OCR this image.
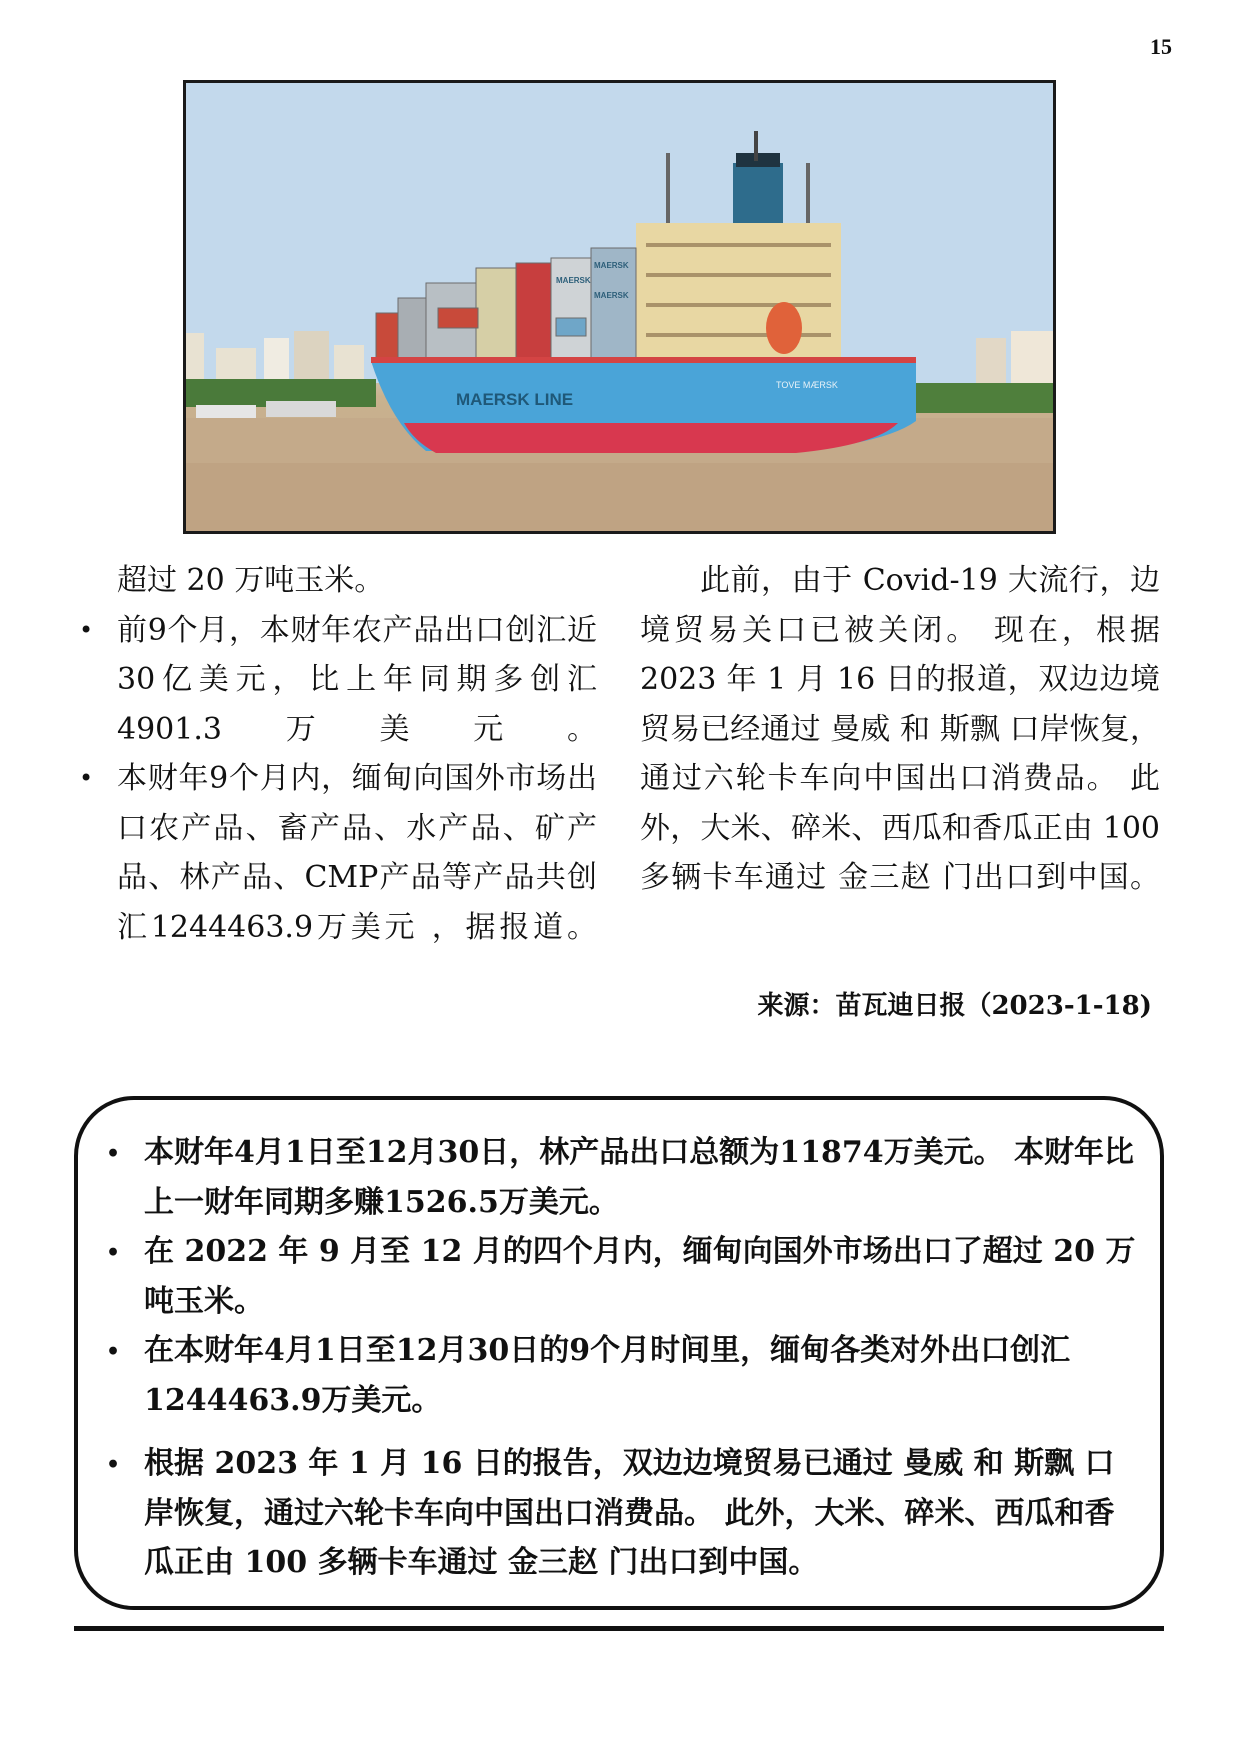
15
MAERSK
MAERSK
MAERSK
MAERSK LINE
TOVE MÆRSK

超过 20 万吨玉米。

• 前9个月，本财年农产品出口创汇近30亿美元，比上年同期多创汇4901.3万美元。
• 本财年9个月内，缅甸向国外市场出口农产品、畜产品、水产品、矿产品、林产品、CMP产品等产品共创汇1244463.9万美元 ，据报道。

此前，由于 Covid-19 大流行，边境贸易关口已被关闭。 现在，根据 2023 年 1 月 16 日的报道，双边边境贸易已经通过 曼威 和 斯飘 口岸恢复，通过六轮卡车向中国出口消费品。 此外，大米、碎米、西瓜和香瓜正由 100 多辆卡车通过 金三赵 门出口到中国。

来源：苗瓦迪日报（2023-1-18)
• 本财年4月1日至12月30日，林产品出口总额为11874万美元。 本财年比上一财年同期多赚1526.5万美元。
• 在 2022 年 9 月至 12 月的四个月内，缅甸向国外市场出口了超过 20 万吨玉米。
• 在本财年4月1日至12月30日的9个月时间里，缅甸各类对外出口创汇1244463.9万美元。
• 根据 2023 年 1 月 16 日的报告，双边边境贸易已通过 曼威 和 斯飘 口岸恢复，通过六轮卡车向中国出口消费品。 此外，大米、碎米、西瓜和香瓜正由 100 多辆卡车通过 金三赵 门出口到中国。
